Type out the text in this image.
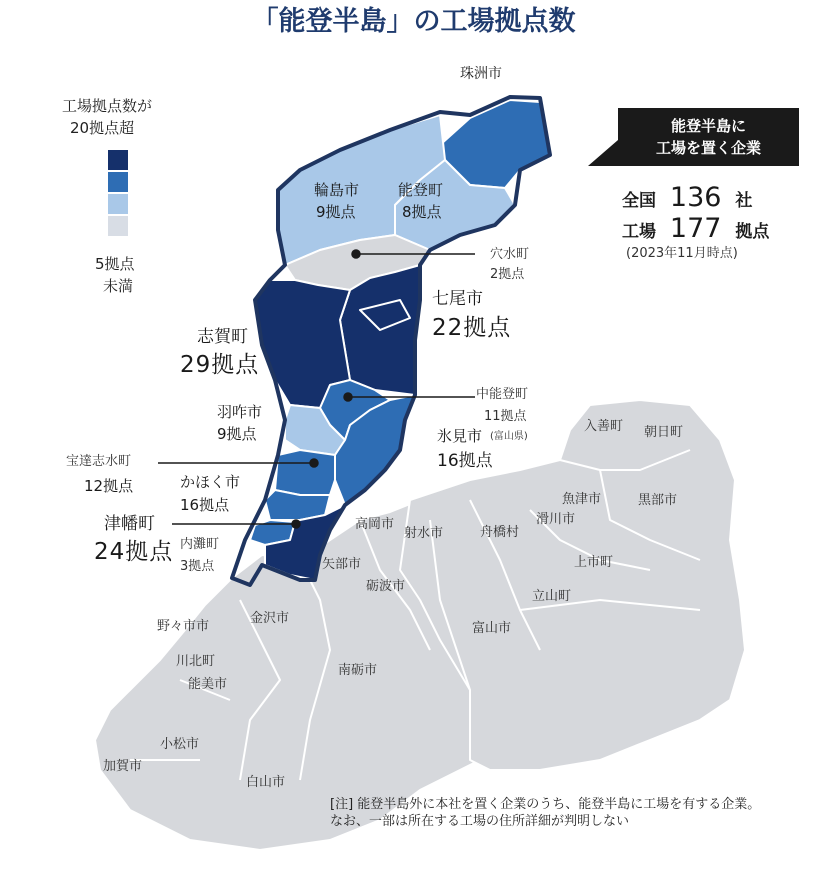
「能登半島」の工場拠点数
工場拠点数が
20拠点超
5拠点
未満
能登半島に
工場を置く企業
全国 136 社
工場 177 拠点
(2023年11月時点)
珠洲市
輪島市
9拠点
能登町
8拠点
穴水町
2拠点
七尾市
22拠点
志賀町
29拠点
中能登町
11拠点
羽咋市
9拠点	氷見市 (富山県)
16拠点
宝達志水町
12拠点	かほく市
16拠点
津幡町
24拠点 内灘町
3拠点
入善町 朝日町
魚津市	黒部市
滑川市
高岡市
射水市	舟橋村
上市町
矢部市
砺波市
立山町
金沢市
富山市
野々市市
川北町
能美市
南砺市
小松市
加賀市
白山市
[注] 能登半島外に本社を置く企業のうち、能登半島に工場を有する企業。なお、一部は所在する工場の住所詳細が判明しない
